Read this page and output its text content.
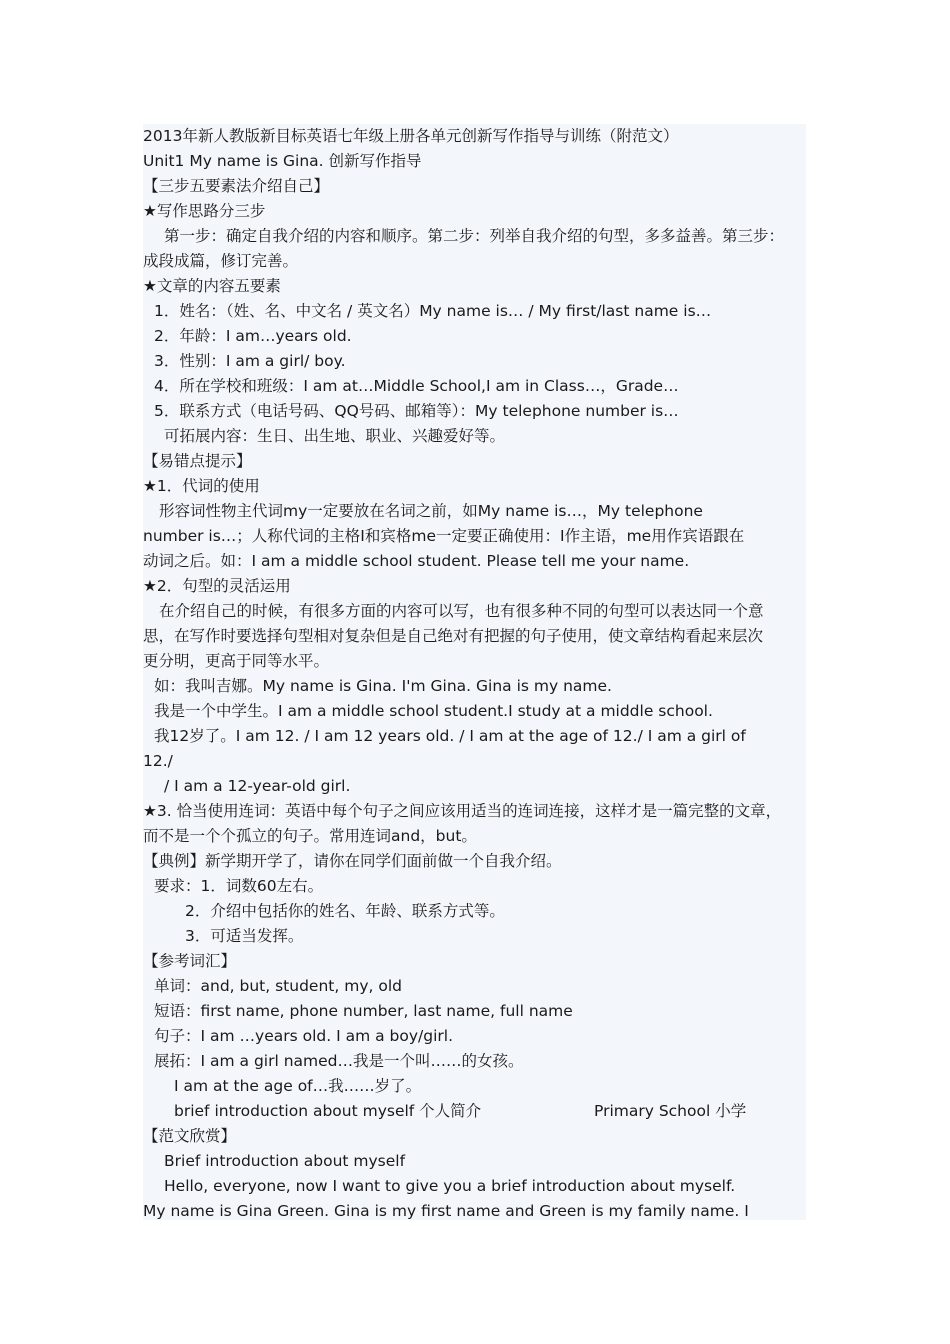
2013年新人教版新目标英语七年级上册各单元创新写作指导与训练（附范文）
Unit1 My name is Gina. 创新写作指导
【三步五要素法介绍自己】
★写作思路分三步
第一步：确定自我介绍的内容和顺序。第二步：列举自我介绍的句型，多多益善。第三步：
成段成篇，修订完善。
★文章的内容五要素
1．姓名：（姓、名、中文名 / 英文名）My name is… / My first/last name is…
2．年龄：I am…years old.
3．性别：I am a girl/ boy.
4．所在学校和班级：I am at…Middle School,I am in Class…，Grade…
5．联系方式（电话号码、QQ号码、邮箱等）：My telephone number is…
可拓展内容：生日、出生地、职业、兴趣爱好等。
【易错点提示】
★1．代词的使用
形容词性物主代词my一定要放在名词之前，如My name is…，My telephone
number is…；人称代词的主格I和宾格me一定要正确使用：I作主语，me用作宾语跟在
动词之后。如：I am a middle school student. Please tell me your name.
★2．句型的灵活运用
在介绍自己的时候，有很多方面的内容可以写，也有很多种不同的句型可以表达同一个意
思，在写作时要选择句型相对复杂但是自己绝对有把握的句子使用，使文章结构看起来层次
更分明，更高于同等水平。
如：我叫吉娜。My name is Gina. I'm Gina. Gina is my name.
我是一个中学生。I am a middle school student.I study at a middle school.
我12岁了。I am 12. / I am 12 years old. / I am at the age of 12./ I am a girl of
12./
/ I am a 12-year-old girl.
★3. 恰当使用连词：英语中每个句子之间应该用适当的连词连接，这样才是一篇完整的文章，
而不是一个个孤立的句子。常用连词and，but。
【典例】新学期开学了，请你在同学们面前做一个自我介绍。
要求：1．词数60左右。
2．介绍中包括你的姓名、年龄、联系方式等。
3．可适当发挥。
【参考词汇】
单词：and, but, student, my, old
短语：first name, phone number, last name, full name
句子：I am …years old. I am a boy/girl.
展拓：I am a girl named…我是一个叫……的女孩。
I am at the age of…我……岁了。
brief introduction about myself 个人简介	Primary School 小学
【范文欣赏】
Brief introduction about myself
Hello, everyone, now I want to give you a brief introduction about myself.
My name is Gina Green. Gina is my first name and Green is my family name. I
